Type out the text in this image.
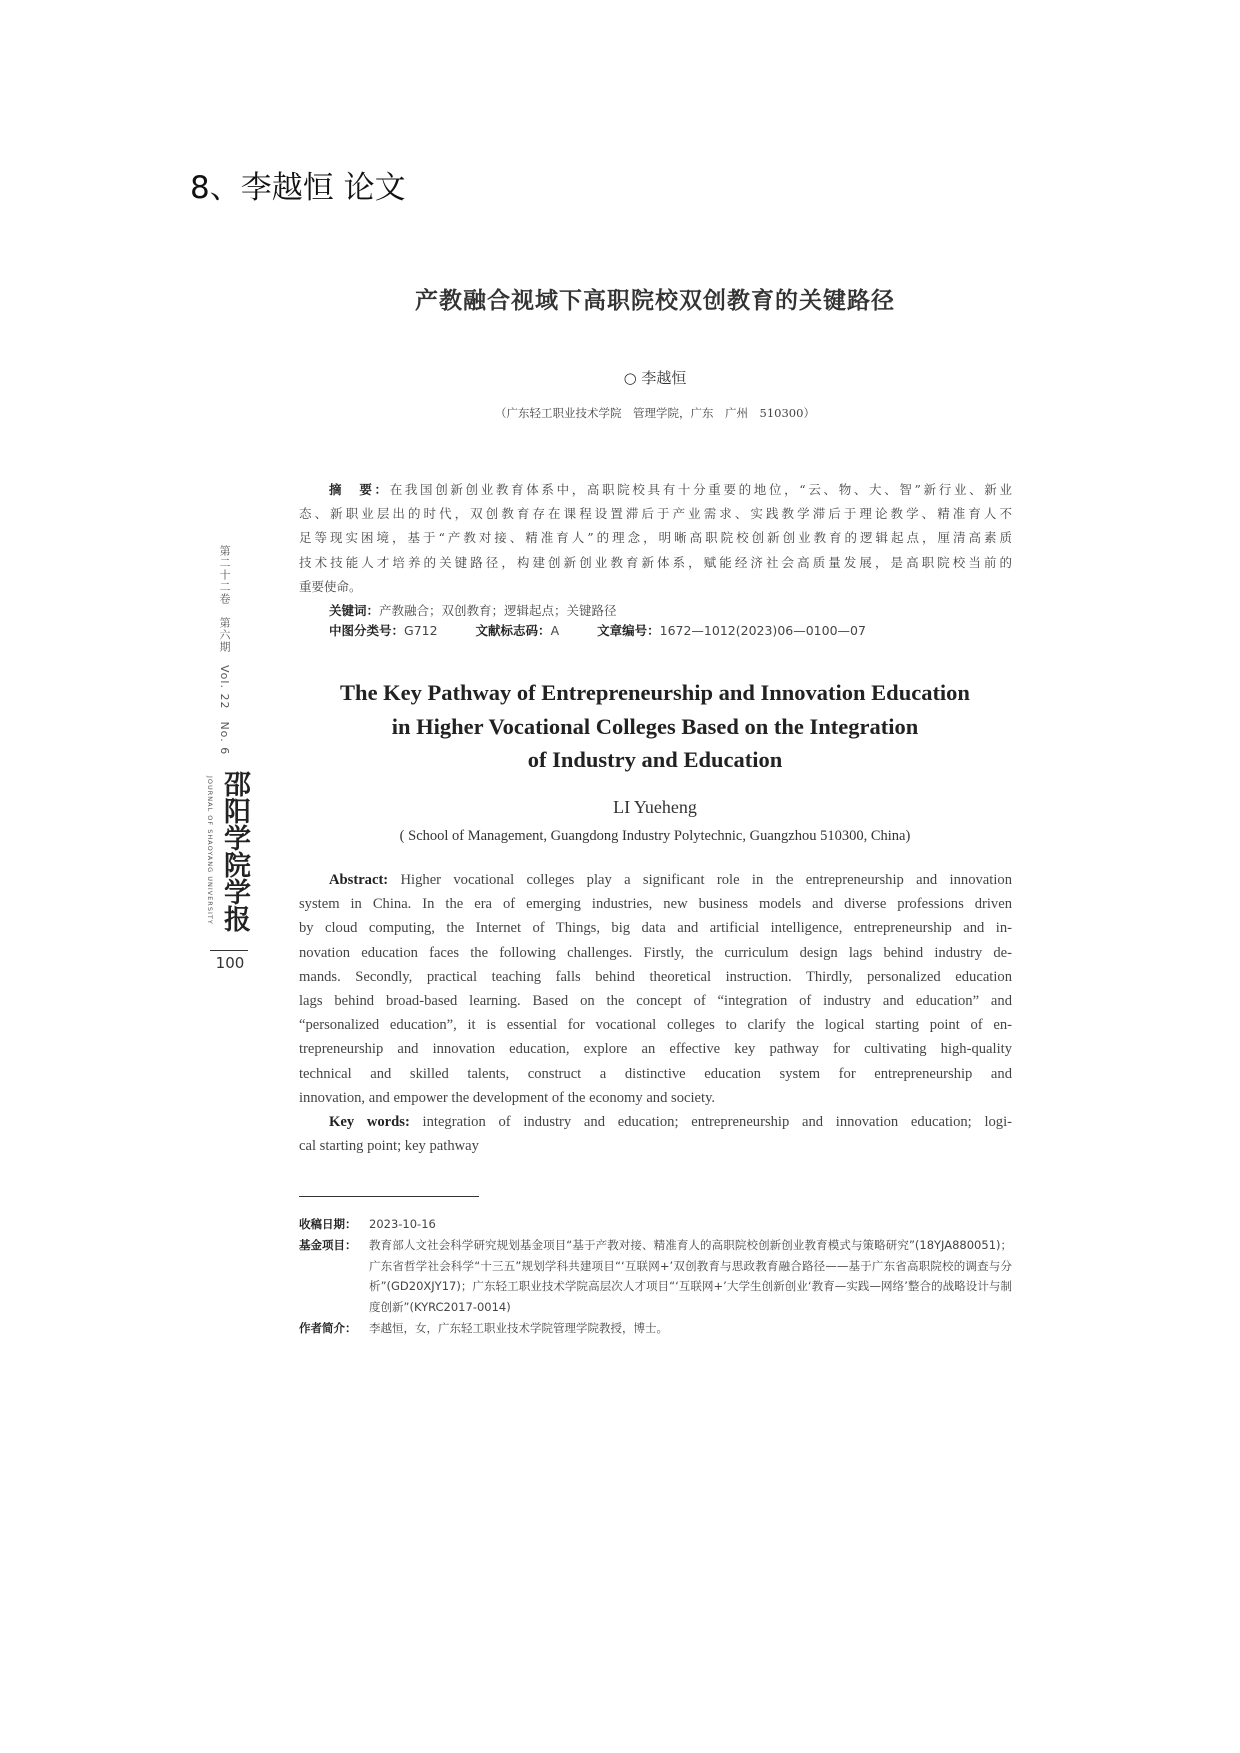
8、李越恒 论文
产教融合视域下高职院校双创教育的关键路径
○ 李越恒
（广东轻工职业技术学院　管理学院，广东　广州　510300）
摘　要：在我国创新创业教育体系中，高职院校具有十分重要的地位，“云、物、大、智”新行业、新业
态、新职业层出的时代，双创教育存在课程设置滞后于产业需求、实践教学滞后于理论教学、精准育人不
足等现实困境，基于“产教对接、精准育人”的理念，明晰高职院校创新创业教育的逻辑起点，厘清高素质
技术技能人才培养的关键路径，构建创新创业教育新体系，赋能经济社会高质量发展，是高职院校当前的
重要使命。
关键词：产教融合；双创教育；逻辑起点；关键路径
中图分类号：G712	文献标志码：A	文章编号：1672—1012(2023)06—0100—07
The Key Pathway of Entrepreneurship and Innovation Education
in Higher Vocational Colleges Based on the Integration
of Industry and Education
LI Yueheng
( School of Management, Guangdong Industry Polytechnic, Guangzhou 510300, China)
Abstract: Higher vocational colleges play a significant role in the entrepreneurship and innovation
system in China. In the era of emerging industries, new business models and diverse professions driven
by cloud computing, the Internet of Things, big data and artificial intelligence, entrepreneurship and in-
novation education faces the following challenges. Firstly, the curriculum design lags behind industry de-
mands. Secondly, practical teaching falls behind theoretical instruction. Thirdly, personalized education
lags behind broad-based learning. Based on the concept of “integration of industry and education” and
“personalized education”, it is essential for vocational colleges to clarify the logical starting point of en-
trepreneurship and innovation education, explore an effective key pathway for cultivating high-quality
technical and skilled talents, construct a distinctive education system for entrepreneurship and
innovation, and empower the development of the economy and society.
Key words: integration of industry and education; entrepreneurship and innovation education; logi-
cal starting point; key pathway
收稿日期：	2023-10-16
基金项目：	教育部人文社会科学研究规划基金项目“基于产教对接、精准育人的高职院校创新创业教育模式与策略研究”(18YJA880051)；广东省哲学社会科学“十三五”规划学科共建项目“‘互联网+’双创教育与思政教育融合路径——基于广东省高职院校的调查与分析”(GD20XJY17)；广东轻工职业技术学院高层次人才项目“‘互联网+’大学生创新创业‘教育—实践—网络’整合的战略设计与制度创新”(KYRC2017-0014)
作者简介：	李越恒，女，广东轻工职业技术学院管理学院教授，博士。
第二十二卷　第六期　Vol. 22　No. 6
JOURNAL OF SHAOYANG UNIVERSITY 邵阳学院学报
100
